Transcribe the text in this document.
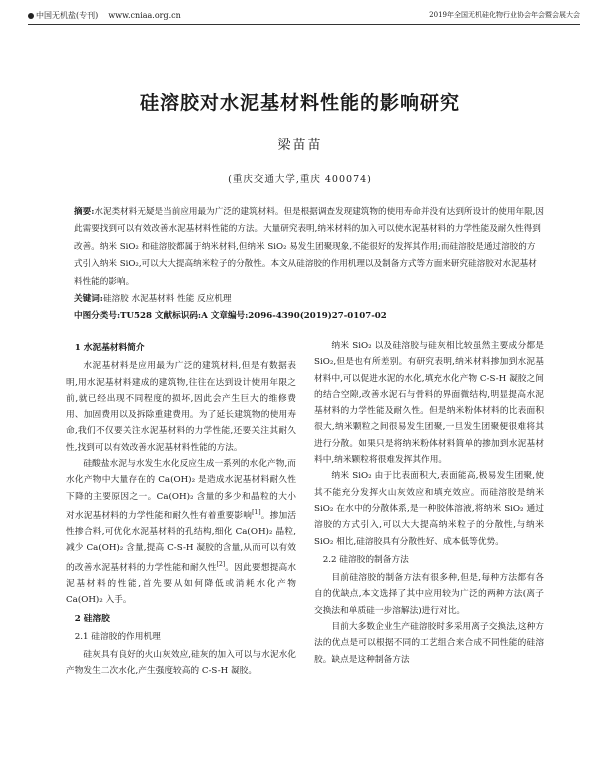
中国无机盐(专刊) www.cniaa.org.cn	2019年全国无机硅化物行业协会年会暨会展大会
硅溶胶对水泥基材料性能的影响研究
梁苗苗
(重庆交通大学,重庆 400074)
摘要:水泥类材料无疑是当前应用最为广泛的建筑材料。但是根据调查发现建筑物的使用寿命并没有达到所设计的使用年限,因此需要找到可以有效改善水泥基材料性能的方法。大量研究表明,纳米材料的加入可以使水泥基材料的力学性能及耐久性得到改善。纳米 SiO₂ 和硅溶胶都属于纳米材料,但纳米 SiO₂ 易发生团聚现象,不能很好的发挥其作用;而硅溶胶是通过溶胶的方式引入纳米 SiO₂,可以大大提高纳米粒子的分散性。本文从硅溶胶的作用机理以及制备方式等方面来研究硅溶胶对水泥基材料性能的影响。
关键词:硅溶胶 水泥基材料 性能 反应机理
中图分类号:TU528 文献标识码:A 文章编号:2096-4390(2019)27-0107-02
1 水泥基材料简介

水泥基材料是应用最为广泛的建筑材料,但是有数据表明,用水泥基材料建成的建筑物,往往在达到设计使用年限之前,就已经出现不同程度的损坏,因此会产生巨大的维修费用、加固费用以及拆除重建费用。为了延长建筑物的使用寿命,我们不仅要关注水泥基材料的力学性能,还要关注其耐久性,找到可以有效改善水泥基材料性能的方法。

硅酸盐水泥与水发生水化反应生成一系列的水化产物,而水化产物中大量存在的 Ca(OH)₂ 是造成水泥基材料耐久性下降的主要原因之一。Ca(OH)₂ 含量的多少和晶粒的大小对水泥基材料的力学性能和耐久性有着重要影响[1]。掺加活性掺合料,可优化水泥基材料的孔结构,细化 Ca(OH)₂ 晶粒,减少 Ca(OH)₂ 含量,提高 C-S-H 凝胶的含量,从而可以有效的改善水泥基材料的力学性能和耐久性[2]。因此要想提高水泥基材料的性能,首先要从如何降低或消耗水化产物 Ca(OH)₂ 入手。

2 硅溶胶
2.1 硅溶胶的作用机理

硅灰具有良好的火山灰效应,硅灰的加入可以与水泥水化产物发生二次水化,产生强度较高的 C-S-H 凝胶。

纳米 SiO₂ 以及硅溶胶与硅灰相比较虽然主要成分都是 SiO₂,但是也有所差别。有研究表明,纳米材料掺加到水泥基材料中,可以促进水泥的水化,填充水化产物 C-S-H 凝胶之间的结合空隙,改善水泥石与骨料的界面微结构,明显提高水泥基材料的力学性能及耐久性。但是纳米粉体材料的比表面积很大,纳米颗粒之间很易发生团聚,一旦发生团聚便很难将其进行分散。如果只是将纳米粉体材料简单的掺加到水泥基材料中,纳米颗粒将很难发挥其作用。

纳米 SiO₂ 由于比表面积大,表面能高,极易发生团聚,使其不能充分发挥火山灰效应和填充效应。而硅溶胶是纳米 SiO₂ 在水中的分散体系,是一种胶体溶液,将纳米 SiO₂ 通过溶胶的方式引入,可以大大提高纳米粒子的分散性,与纳米 SiO₂ 相比,硅溶胶具有分散性好、成本低等优势。

2.2 硅溶胶的制备方法

目前硅溶胶的制备方法有很多种,但是,每种方法都有各自的优缺点,本文选择了其中应用较为广泛的两种方法(离子交换法和单质硅一步溶解法)进行对比。

目前大多数企业生产硅溶胶时多采用离子交换法,这种方法的优点是可以根据不同的工艺组合来合成不同性能的硅溶胶。缺点是这种制备方法
